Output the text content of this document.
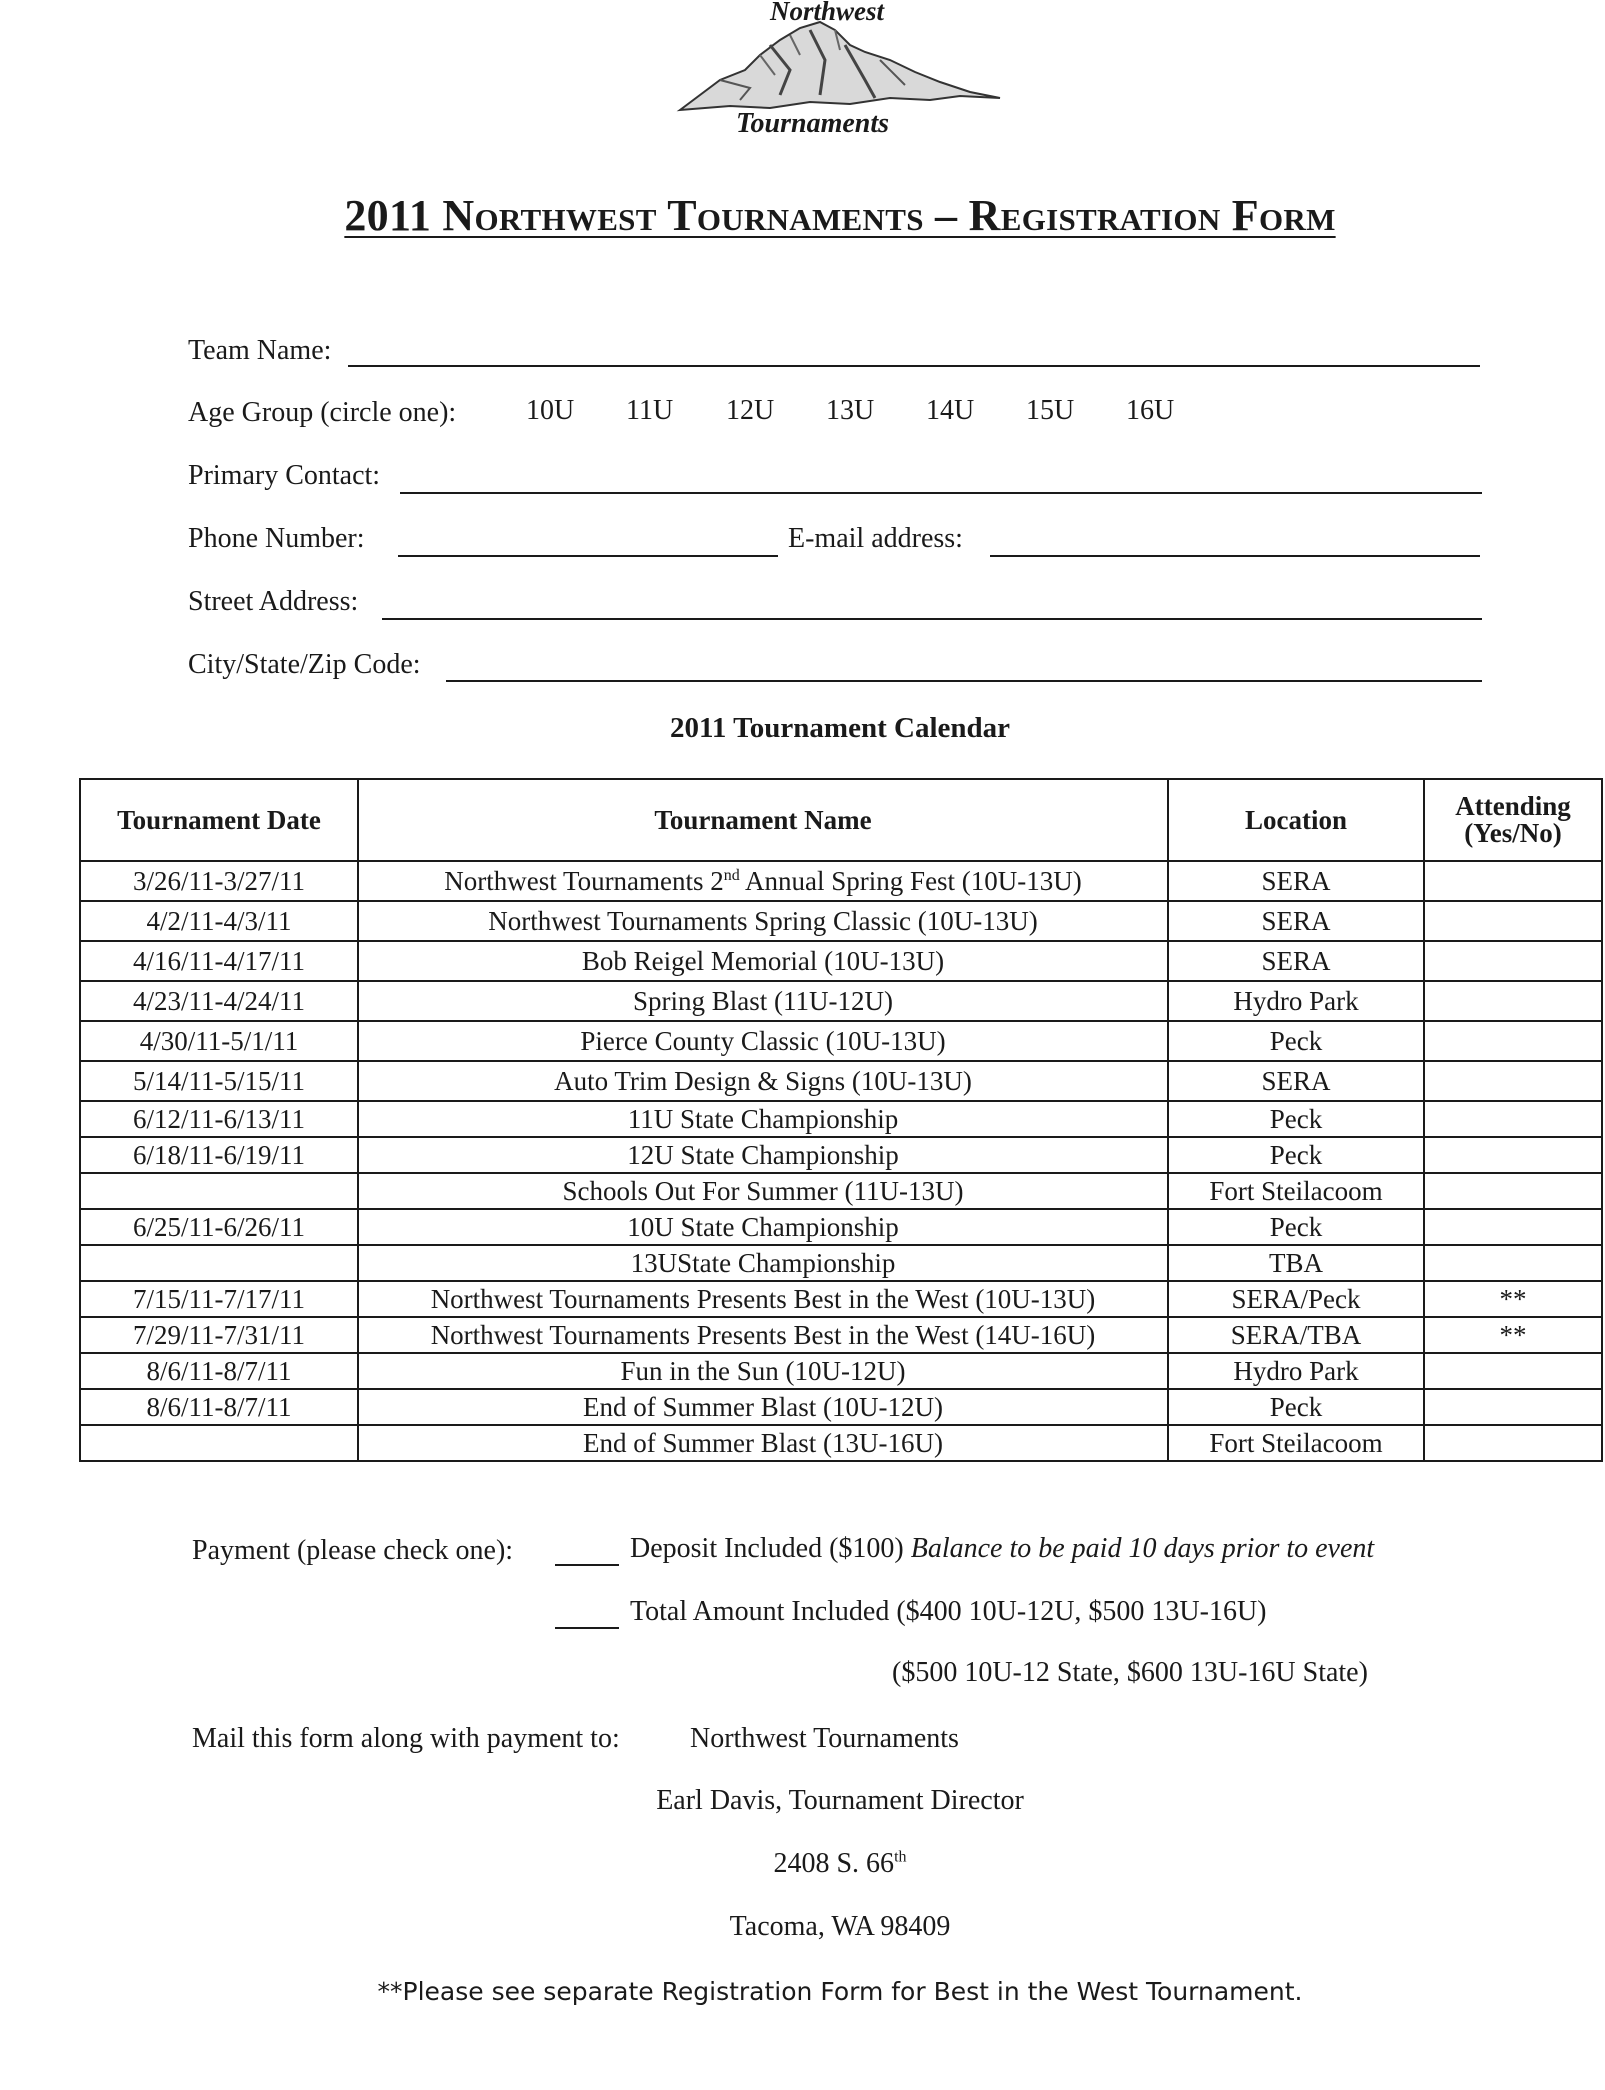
Northwest
Tournaments
2011 Northwest Tournaments – Registration Form
Team Name:
Age Group (circle one): 10U 11U 12U 13U 14U 15U 16U
Primary Contact:
Phone Number:	E-mail address:
Street Address:
City/State/Zip Code:
2011 Tournament Calendar
Tournament Date	Tournament Name	Location	Attending (Yes/No)
3/26/11-3/27/11	Northwest Tournaments 2nd Annual Spring Fest (10U-13U)	SERA	
4/2/11-4/3/11	Northwest Tournaments Spring Classic (10U-13U)	SERA	
4/16/11-4/17/11	Bob Reigel Memorial (10U-13U)	SERA	
4/23/11-4/24/11	Spring Blast (11U-12U)	Hydro Park	
4/30/11-5/1/11	Pierce County Classic (10U-13U)	Peck	
5/14/11-5/15/11	Auto Trim Design & Signs (10U-13U)	SERA	
6/12/11-6/13/11	11U State Championship	Peck	
6/18/11-6/19/11	12U State Championship	Peck	
	Schools Out For Summer (11U-13U)	Fort Steilacoom	
6/25/11-6/26/11	10U State Championship	Peck	
	13UState Championship	TBA	
7/15/11-7/17/11	Northwest Tournaments Presents Best in the West (10U-13U)	SERA/Peck	**
7/29/11-7/31/11	Northwest Tournaments Presents Best in the West (14U-16U)	SERA/TBA	**
8/6/11-8/7/11	Fun in the Sun (10U-12U)	Hydro Park	
8/6/11-8/7/11	End of Summer Blast (10U-12U)	Peck	
	End of Summer Blast (13U-16U)	Fort Steilacoom	
Payment (please check one):	Deposit Included ($100) Balance to be paid 10 days prior to event
Total Amount Included ($400 10U-12U, $500 13U-16U)
($500 10U-12 State, $600 13U-16U State)
Mail this form along with payment to:	Northwest Tournaments
Earl Davis, Tournament Director
2408 S. 66th
Tacoma, WA 98409
**Please see separate Registration Form for Best in the West Tournament.
